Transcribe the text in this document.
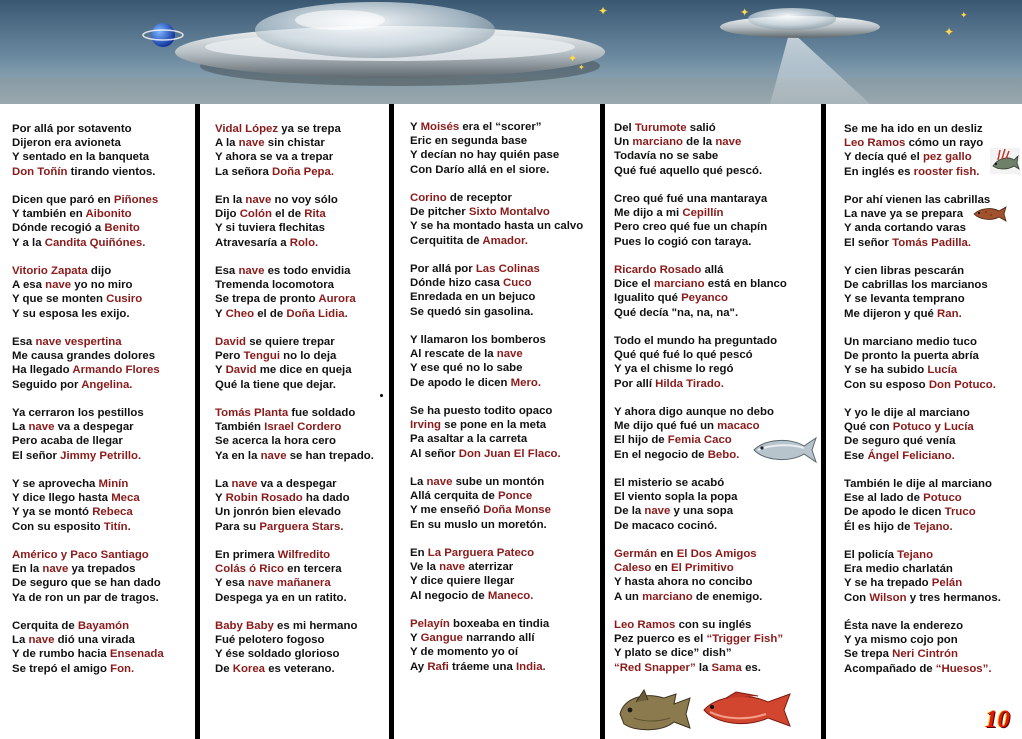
✦
✦
✦
✦
✦
✦
Por allá por sotavento
Dijeron era avioneta
Y sentado en la banqueta
Don Toñín tirando vientos.
Dicen que paró en Piñones
Y también en Aibonito
Dónde recogió a Benito
Y a la Candita Quiñónes.
Vitorio Zapata dijo
A esa nave yo no miro
Y que se monten Cusiro
Y su esposa les exijo.
Esa nave vespertina
Me causa grandes dolores
Ha llegado Armando Flores
Seguido por Angelina.
Ya cerraron los pestillos
La nave va a despegar
Pero acaba de llegar
El señor Jimmy Petrillo.
Y se aprovecha Minín
Y dice llego hasta Meca
Y ya se montó Rebeca
Con su esposito Titín.
Américo y Paco Santiago
En la nave ya trepados
De seguro que se han dado
Ya de ron un par de tragos.
Cerquita de Bayamón
La nave dió una virada
Y de rumbo hacia Ensenada
Se trepó el amigo Fon.
Vidal López ya se trepa
A la nave sin chistar
Y ahora se va a trepar
La señora Doña Pepa.
En la nave no voy sólo
Dijo Colón el de Rita
Y si tuviera flechitas
Atravesaría a Rolo.
Esa nave es todo envidia
Tremenda locomotora
Se trepa de pronto Aurora
Y Cheo el de Doña Lidia.
David se quiere trepar
Pero Tengui no lo deja
Y David me dice en queja
Qué la tiene que dejar.
Tomás Planta fue soldado
También Israel Cordero
Se acerca la hora cero
Ya en la nave se han trepado.
La nave va a despegar
Y Robin Rosado ha dado
Un jonrón bien elevado
Para su Parguera Stars.
En primera Wilfredito
Colás ó Rico en tercera
Y esa nave mañanera
Despega ya en un ratito.
Baby Baby es mi hermano
Fué pelotero fogoso
Y ése soldado glorioso
De Korea es veterano.
Y Moisés era el “scorer”
Eric en segunda base
Y decían no hay quién pase
Con Darío allá en el siore.
Corino de receptor
De pitcher Sixto Montalvo
Y se ha montado hasta un calvo
Cerquitita de Amador.
Por allá por Las Colinas
Dónde hizo casa Cuco
Enredada en un bejuco
Se quedó sin gasolina.
Y llamaron los bomberos
Al rescate de la nave
Y ese qué no lo sabe
De apodo le dicen Mero.
Se ha puesto todito opaco
Irving se pone en la meta
Pa asaltar a la carreta
Al señor Don Juan El Flaco.
La nave sube un montón
Allá cerquita de Ponce
Y me enseñó Doña Monse
En su muslo un moretón.
En La Parguera Pateco
Ve la nave aterrizar
Y dice quiere llegar
Al negocio de Maneco.
Pelayín boxeaba en tindia
Y Gangue narrando allí
Y de momento yo oí
Ay Rafi tráeme una India.
Del Turumote salió
Un marciano de la nave
Todavía no se sabe
Qué fué aquello qué pescó.
Creo qué fué una mantaraya
Me dijo a mi Cepillín
Pero creo qué fue un chapín
Pues lo cogió con taraya.
Ricardo Rosado allá
Dice el marciano está en blanco
Igualito qué Peyanco
Qué decía "na, na, na".
Todo el mundo ha preguntado
Qué qué fué lo qué pescó
Y ya el chisme lo regó
Por allí Hilda Tirado.
Y ahora digo aunque no debo
Me dijo qué fué un macaco
El hijo de Femia Caco
En el negocio de Bebo.
El misterio se acabó
El viento sopla la popa
De la nave y una sopa
De macaco cocinó.
Germán en El Dos Amigos
Caleso en El Primitivo
Y hasta ahora no concibo
A un marciano de enemigo.
Leo Ramos con su inglés
Pez puerco es el “Trigger Fish”
Y plato se dice” dish”
“Red Snapper” la Sama es.
Se me ha ido en un desliz
Leo Ramos cómo un rayo
Y decía qué el pez gallo
En inglés es rooster fish.
Por ahí vienen las cabrillas
La nave ya se prepara
Y anda cortando varas
El señor Tomás Padilla.
Y cien libras pescarán
De cabrillas los marcianos
Y se levanta temprano
Me dijeron y qué Ran.
Un marciano medio tuco
De pronto la puerta abría
Y se ha subido Lucía
Con su esposo Don Potuco.
Y yo le dije al marciano
Qué con Potuco y Lucía
De seguro qué venía
Ese Ángel Feliciano.
También le dije al marciano
Ese al lado de Potuco
De apodo le dicen Truco
Él es hijo de Tejano.
El policía Tejano
Era medio charlatán
Y se ha trepado Pelán
Con Wilson y tres hermanos.
Ésta nave la enderezo
Y ya mismo cojo pon
Se trepa Neri Cintrón
Acompañado de “Huesos”.
10
